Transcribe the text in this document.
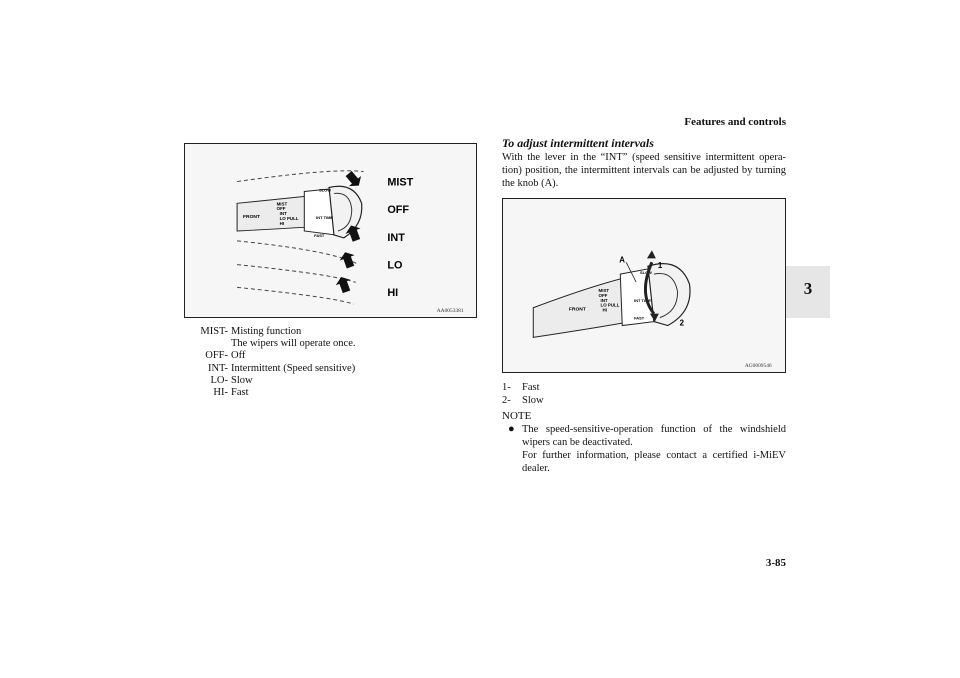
Features and controls
3
FRONT
MIST
OFF
INT
LO PULL
HI
INT TIME
SLOW
FAST
MIST
OFF
INT
LO
HI
AA0053381
MIST- Misting function
The wipers will operate once.
OFF- Off
INT- Intermittent (Speed sensitive)
LO- Slow
HI- Fast
To adjust intermittent intervals
With the lever in the “INT” (speed sensitive intermittent opera-tion) position, the intermittent intervals can be adjusted by turning the knob (A).
FRONT
MIST
OFF
INT
LO PULL
HI
INT TIME
SLOW
FAST
A
1
2
AG0009546
1-	Fast
2-	Slow
NOTE
● The speed-sensitive-operation function of the windshield wipers can be deactivated.

For further information, please contact a certified i-MiEV dealer.

3-85
